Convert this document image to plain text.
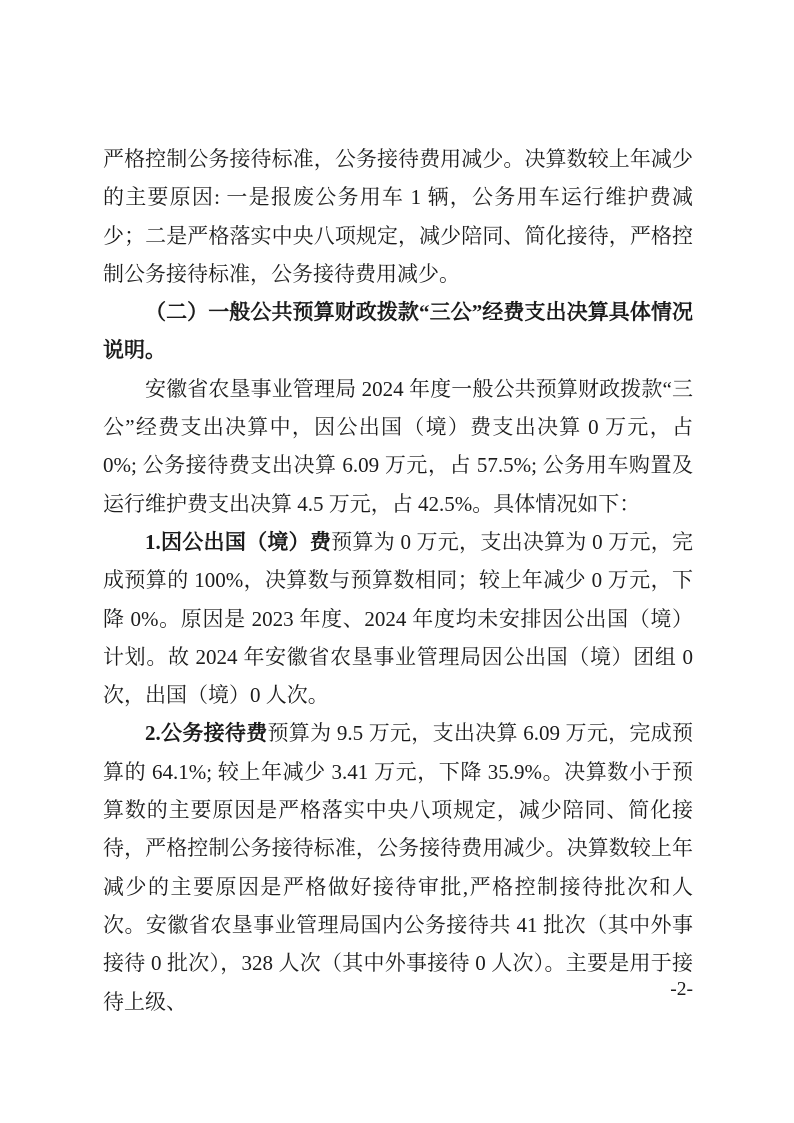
严格控制公务接待标准，公务接待费用减少。决算数较上年减少的主要原因: 一是报废公务用车 1 辆，公务用车运行维护费减少；二是严格落实中央八项规定，减少陪同、简化接待，严格控制公务接待标准，公务接待费用减少。

（二）一般公共预算财政拨款“三公”经费支出决算具体情况说明。

安徽省农垦事业管理局 2024 年度一般公共预算财政拨款“三公”经费支出决算中，因公出国（境）费支出决算 0 万元，占 0%; 公务接待费支出决算 6.09 万元，占 57.5%; 公务用车购置及运行维护费支出决算 4.5 万元，占 42.5%。具体情况如下：

1.因公出国（境）费预算为 0 万元，支出决算为 0 万元，完成预算的 100%，决算数与预算数相同；较上年减少 0 万元，下降 0%。原因是 2023 年度、2024 年度均未安排因公出国（境）计划。故 2024 年安徽省农垦事业管理局因公出国（境）团组 0 次，出国（境）0 人次。

2.公务接待费预算为 9.5 万元，支出决算 6.09 万元，完成预算的 64.1%; 较上年减少 3.41 万元，下降 35.9%。决算数小于预算数的主要原因是严格落实中央八项规定，减少陪同、简化接待，严格控制公务接待标准，公务接待费用减少。决算数较上年减少的主要原因是严格做好接待审批,严格控制接待批次和人次。安徽省农垦事业管理局国内公务接待共 41 批次（其中外事接待 0 批次），328 人次（其中外事接待 0 人次）。主要是用于接待上级、

-2-
